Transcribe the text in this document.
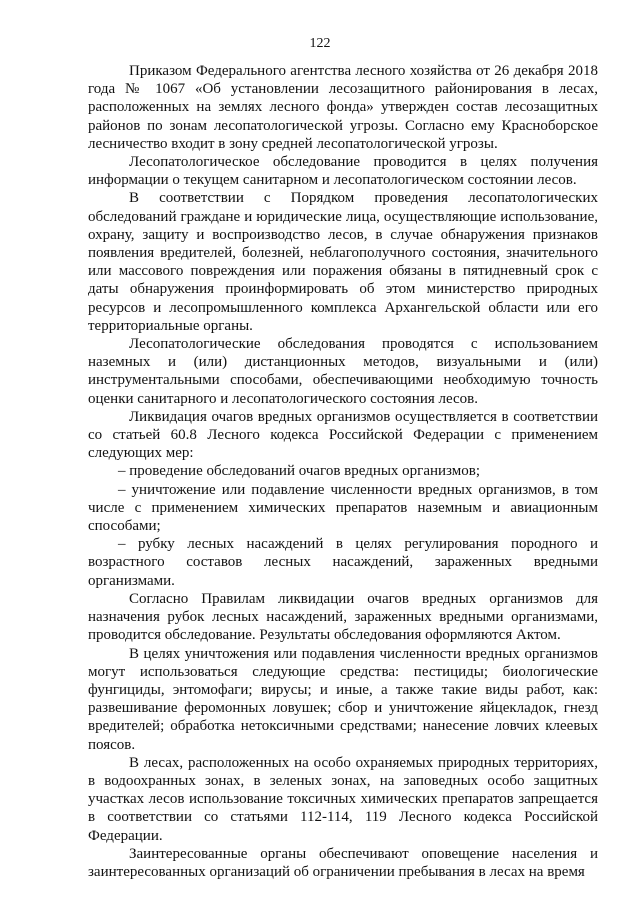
122

Приказом Федерального агентства лесного хозяйства от 26 декабря 2018 года № 1067 «Об установлении лесозащитного районирования в лесах, расположенных на землях лесного фонда» утвержден состав лесозащитных районов по зонам лесопатологической угрозы. Согласно ему Красноборское лесничество входит в зону средней лесопатологической угрозы.

Лесопатологическое обследование проводится в целях получения информации о текущем санитарном и лесопатологическом состоянии лесов.

В соответствии с Порядком проведения лесопатологических обследований граждане и юридические лица, осуществляющие использование, охрану, защиту и воспроизводство лесов, в случае обнаружения признаков появления вредителей, болезней, неблагополучного состояния, значительного или массового повреждения или поражения обязаны в пятидневный срок с даты обнаружения проинформировать об этом министерство природных ресурсов и лесопромышленного комплекса Архангельской области или его территориальные органы.

Лесопатологические обследования проводятся с использованием наземных и (или) дистанционных методов, визуальными и (или) инструментальными способами, обеспечивающими необходимую точность оценки санитарного и лесопатологического состояния лесов.

Ликвидация очагов вредных организмов осуществляется в соответствии со статьей 60.8 Лесного кодекса Российской Федерации с применением следующих мер:

– проведение обследований очагов вредных организмов;

– уничтожение или подавление численности вредных организмов, в том числе с применением химических препаратов наземным и авиационным способами;

– рубку лесных насаждений в целях регулирования породного и возрастного составов лесных насаждений, зараженных вредными организмами.

Согласно Правилам ликвидации очагов вредных организмов для назначения рубок лесных насаждений, зараженных вредными организмами, проводится обследование. Результаты обследования оформляются Актом.

В целях уничтожения или подавления численности вредных организмов могут использоваться следующие средства: пестициды; биологические фунгициды, энтомофаги; вирусы; и иные, а также такие виды работ, как: развешивание феромонных ловушек; сбор и уничтожение яйцекладок, гнезд вредителей; обработка нетоксичными средствами; нанесение ловчих клеевых поясов.

В лесах, расположенных на особо охраняемых природных территориях, в водоохранных зонах, в зеленых зонах, на заповедных особо защитных участках лесов использование токсичных химических препаратов запрещается в соответствии со статьями 112-114, 119 Лесного кодекса Российской Федерации.

Заинтересованные органы обеспечивают оповещение населения и заинтересованных организаций об ограничении пребывания в лесах на время
